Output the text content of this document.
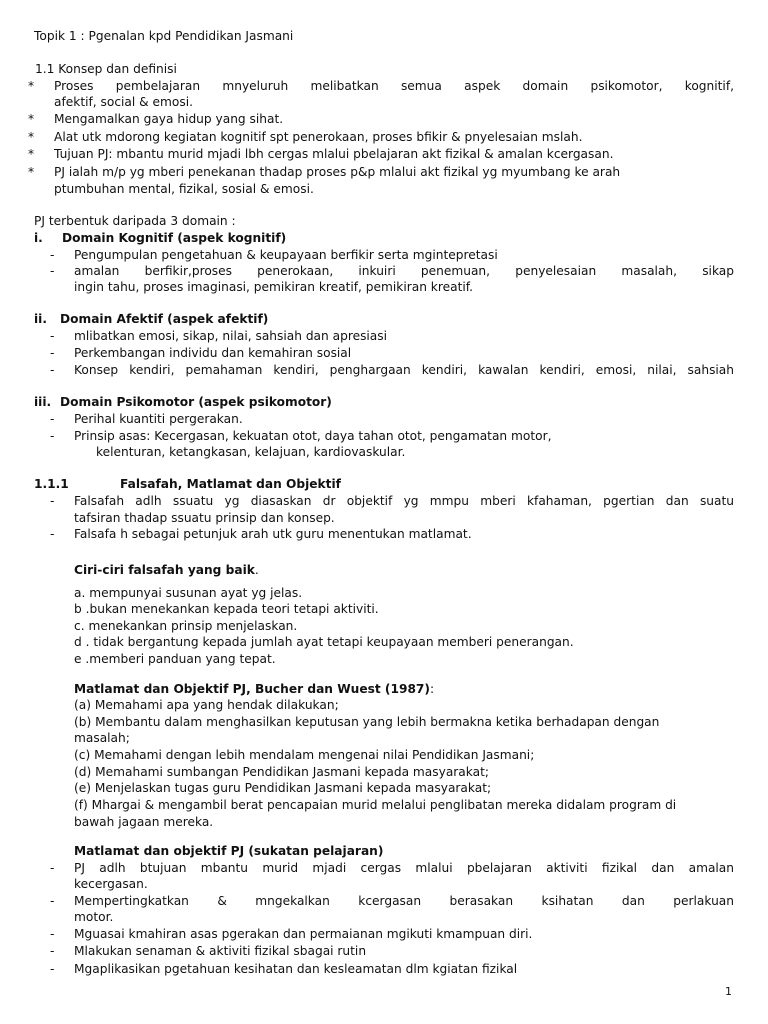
Topik 1 : Pgenalan kpd Pendidikan Jasmani
1.1 Konsep dan definisi
* Proses pembelajaran mnyeluruh melibatkan semua aspek domain psikomotor, kognitif,
afektif, social & emosi.
* Mengamalkan gaya hidup yang sihat.
* Alat utk mdorong kegiatan kognitif spt penerokaan, proses bfikir & pnyelesaian mslah.
* Tujuan PJ: mbantu murid mjadi lbh cergas mlalui pbelajaran akt fizikal & amalan kcergasan.
* PJ ialah m/p yg mberi penekanan thadap proses p&p mlalui akt fizikal yg myumbang ke arah
ptumbuhan mental, fizikal, sosial & emosi.
PJ terbentuk daripada 3 domain :
i. Domain Kognitif (aspek kognitif)
- Pengumpulan pengetahuan & keupayaan berfikir serta mgintepretasi
- amalan berfikir,proses penerokaan, inkuiri penemuan, penyelesaian masalah, sikap
ingin tahu, proses imaginasi, pemikiran kreatif, pemikiran kreatif.
ii. Domain Afektif (aspek afektif)
- mlibatkan emosi, sikap, nilai, sahsiah dan apresiasi
- Perkembangan individu dan kemahiran sosial
- Konsep kendiri, pemahaman kendiri, penghargaan kendiri, kawalan kendiri, emosi, nilai, sahsiah
iii. Domain Psikomotor (aspek psikomotor)
- Perihal kuantiti pergerakan.
- Prinsip asas: Kecergasan, kekuatan otot, daya tahan otot, pengamatan motor,
kelenturan, ketangkasan, kelajuan, kardiovaskular.
1.1.1	Falsafah, Matlamat dan Objektif
- Falsafah adlh ssuatu yg diasaskan dr objektif yg mmpu mberi kfahaman, pgertian dan suatu
tafsiran thadap ssuatu prinsip dan konsep.
- Falsafa h sebagai petunjuk arah utk guru menentukan matlamat.
Ciri-ciri falsafah yang baik.
a. mempunyai susunan ayat yg jelas.
b .bukan menekankan kepada teori tetapi aktiviti.
c. menekankan prinsip menjelaskan.
d . tidak bergantung kepada jumlah ayat tetapi keupayaan memberi penerangan.
e .memberi panduan yang tepat.
Matlamat dan Objektif PJ, Bucher dan Wuest (1987):
(a) Memahami apa yang hendak dilakukan;
(b) Membantu dalam menghasilkan keputusan yang lebih bermakna ketika berhadapan dengan
masalah;
(c) Memahami dengan lebih mendalam mengenai nilai Pendidikan Jasmani;
(d) Memahami sumbangan Pendidikan Jasmani kepada masyarakat;
(e) Menjelaskan tugas guru Pendidikan Jasmani kepada masyarakat;
(f) Mhargai & mengambil berat pencapaian murid melalui penglibatan mereka didalam program di
bawah jagaan mereka.
Matlamat dan objektif PJ (sukatan pelajaran)
- PJ adlh btujuan mbantu murid mjadi cergas mlalui pbelajaran aktiviti fizikal dan amalan
kecergasan.
- Mempertingkatkan & mngekalkan kcergasan berasakan ksihatan dan perlakuan
motor.
- Mguasai kmahiran asas pgerakan dan permaianan mgikuti kmampuan diri.
- Mlakukan senaman & aktiviti fizikal sbagai rutin
- Mgaplikasikan pgetahuan kesihatan dan kesleamatan dlm kgiatan fizikal
1
